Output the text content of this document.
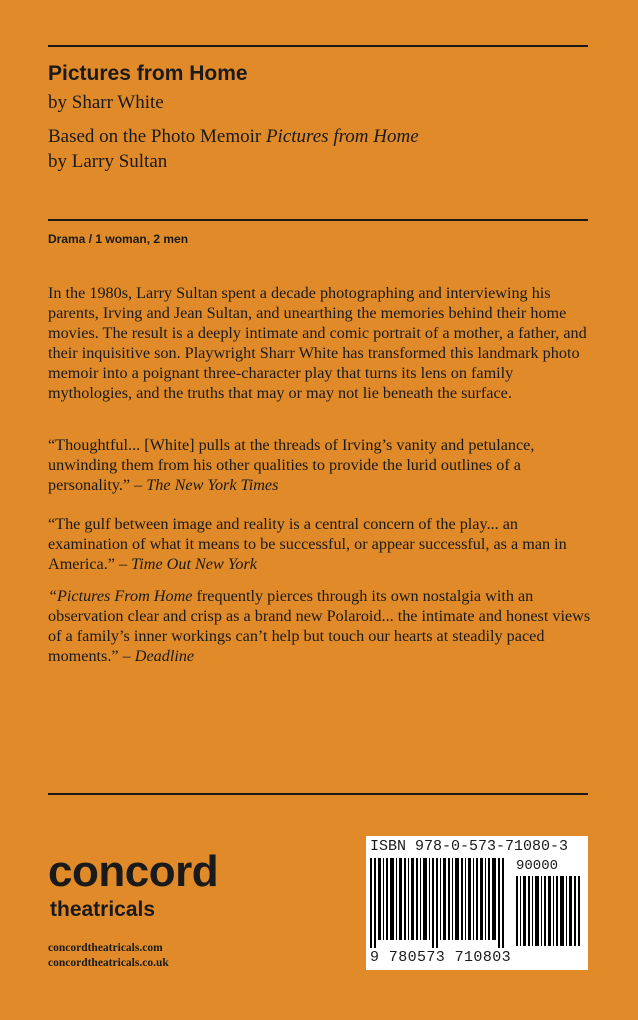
Pictures from Home
by Sharr White
Based on the Photo Memoir Pictures from Home
by Larry Sultan
Drama / 1 woman, 2 men

In the 1980s, Larry Sultan spent a decade photographing and interviewing his parents, Irving and Jean Sultan, and unearthing the memories behind their home movies. The result is a deeply intimate and comic portrait of a mother, a father, and their inquisitive son. Playwright Sharr White has transformed this landmark photo memoir into a poignant three-character play that turns its lens on family mythologies, and the truths that may or may not lie beneath the surface.

“Thoughtful... [White] pulls at the threads of Irving’s vanity and petulance, unwinding them from his other qualities to provide the lurid outlines of a personality.” – The New York Times

“The gulf between image and reality is a central concern of the play... an examination of what it means to be successful, or appear successful, as a man in America.” – Time Out New York

“Pictures From Home frequently pierces through its own nostalgia with an observation clear and crisp as a brand new Polaroid... the intimate and honest views of a family’s inner workings can’t help but touch our hearts at steadily paced moments.” – Deadline

concord
theatricals
concordtheatricals.com
concordtheatricals.co.uk
ISBN 978-0-573-71080-3
90000
9 780573 710803
